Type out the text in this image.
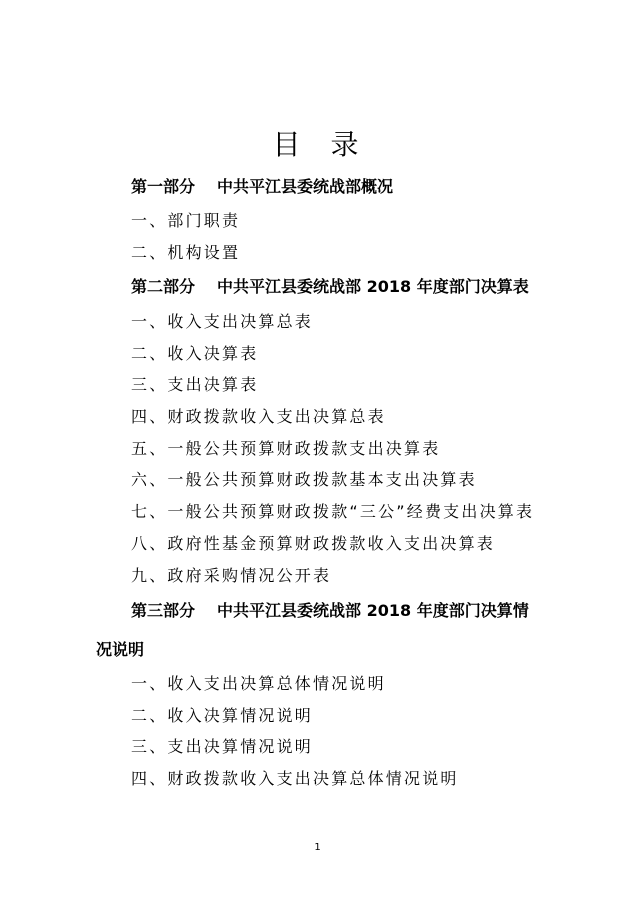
目 录
第一部分 中共平江县委统战部概况
一、部门职责
二、机构设置
第二部分 中共平江县委统战部 2018 年度部门决算表
一、收入支出决算总表
二、收入决算表
三、支出决算表
四、财政拨款收入支出决算总表
五、一般公共预算财政拨款支出决算表
六、一般公共预算财政拨款基本支出决算表
七、一般公共预算财政拨款“三公”经费支出决算表
八、政府性基金预算财政拨款收入支出决算表
九、政府采购情况公开表
第三部分 中共平江县委统战部 2018 年度部门决算情
况说明
一、收入支出决算总体情况说明
二、收入决算情况说明
三、支出决算情况说明
四、财政拨款收入支出决算总体情况说明
1
